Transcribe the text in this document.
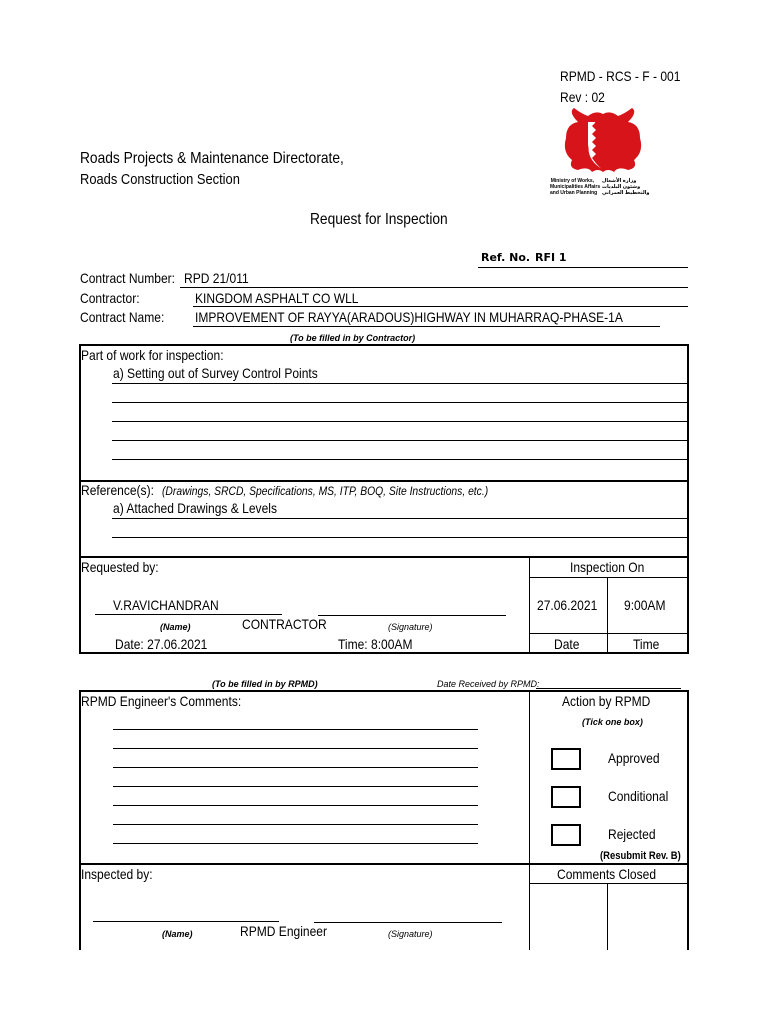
RPMD - RCS - F - 001
Rev : 02
Ministry of Works,
Municipalities Affairs
and Urban Planning
وزارة الأشغال
وشئون البلديات
والتخطيط العمراني
Roads Projects & Maintenance Directorate,
Roads Construction Section
Request for Inspection
Ref. No. RFI 1
Contract Number: RPD 21/011
Contractor:	KINGDOM ASPHALT CO WLL
Contract Name:	IMPROVEMENT OF RAYYA(ARADOUS)HIGHWAY IN MUHARRAQ-PHASE-1A
(To be filled in by Contractor)
Part of work for inspection:
a) Setting out of Survey Control Points
Reference(s): (Drawings, SRCD, Specifications, MS, ITP, BOQ, Site Instructions, etc.)
a) Attached Drawings & Levels
Requested by:
V.RAVICHANDRAN
(Name)	CONTRACTOR	(Signature)
Date: 27.06.2021	Time: 8:00AM
Inspection On
27.06.2021	9:00AM
Date	Time
(To be filled in by RPMD)	Date Received by RPMD:
RPMD Engineer's Comments:	Action by RPMD
(Tick one box)
Approved
Conditional
Rejected
(Resubmit Rev. B)
Inspected by:	Comments Closed
(Name)	RPMD Engineer	(Signature)
